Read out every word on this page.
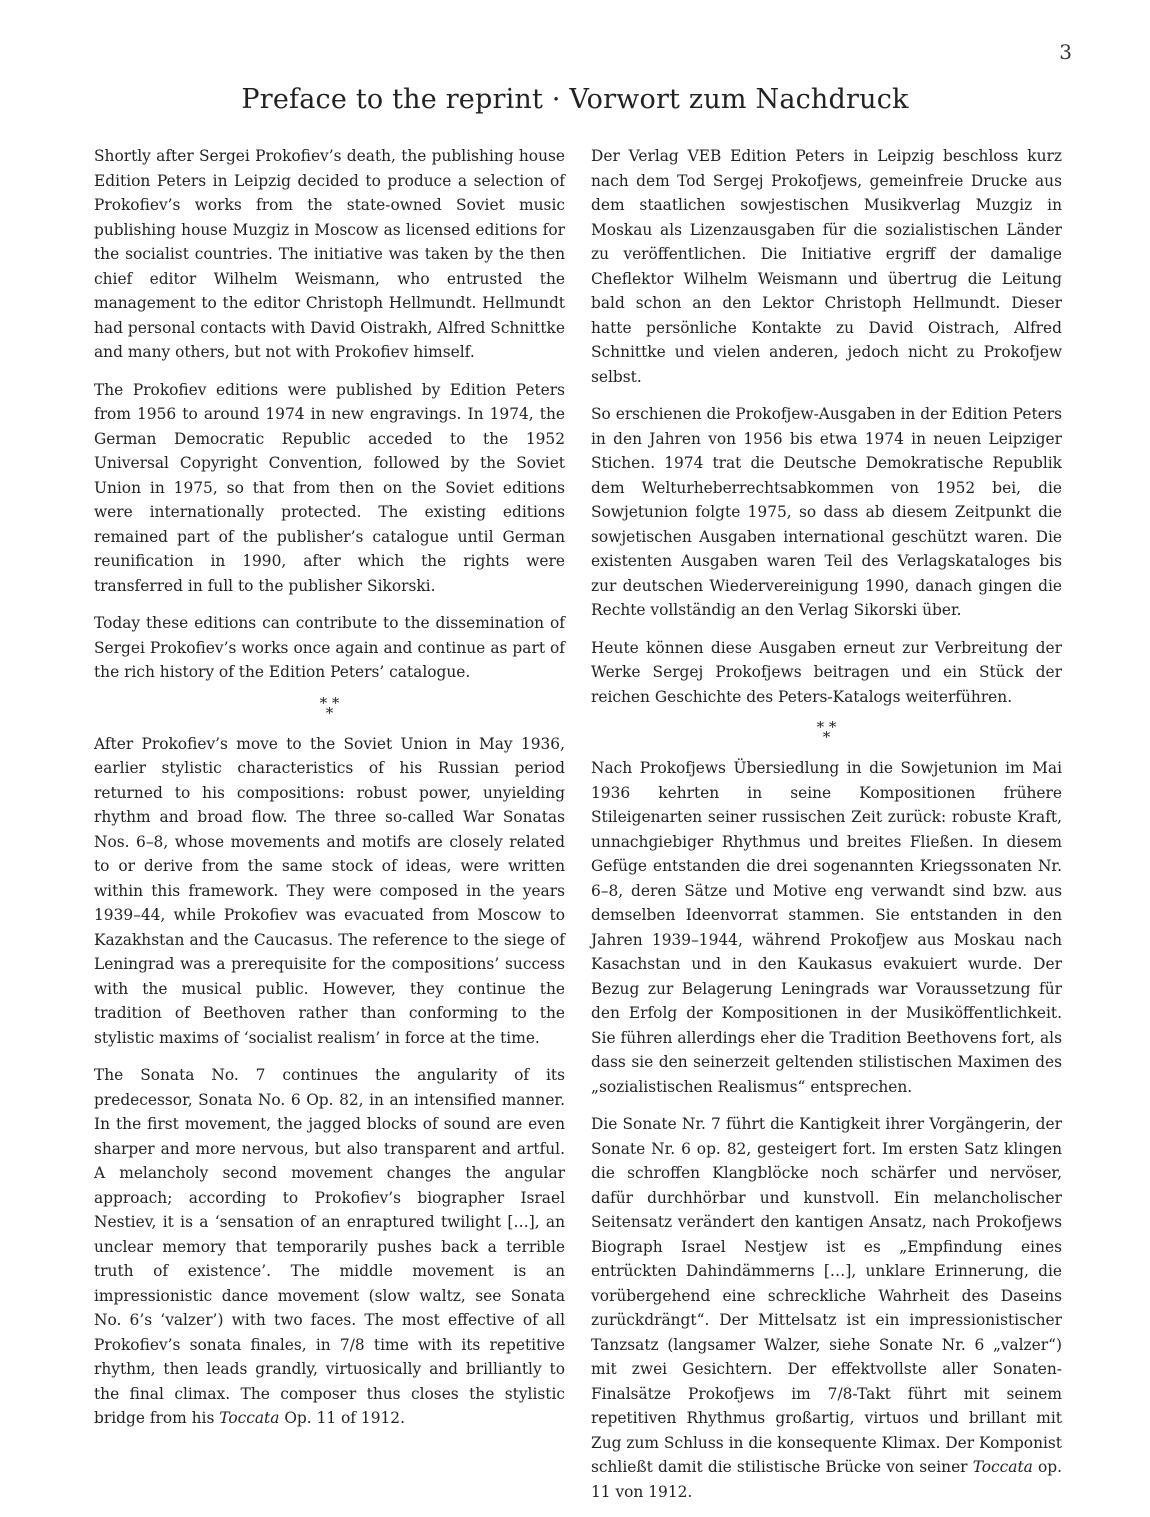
3
Preface to the reprint · Vorwort zum Nachdruck

Shortly after Sergei Prokofiev’s death, the publishing house Edition Peters in Leipzig decided to produce a selection of Prokofiev’s works from the state-owned Soviet music publishing house Muzgiz in Moscow as licensed editions for the socialist countries. The initiative was taken by the then chief editor Wilhelm Weismann, who entrusted the management to the editor Christoph Hellmundt. Hellmundt had personal contacts with David Oistrakh, Alfred Schnittke and many others, but not with Prokofiev himself.

The Prokofiev editions were published by Edition Peters from 1956 to around 1974 in new engravings. In 1974, the German Democratic Republic acceded to the 1952 Universal Copyright Convention, followed by the Soviet Union in 1975, so that from then on the Soviet editions were internationally protected. The existing editions remained part of the publisher’s catalogue until German reunification in 1990, after which the rights were transferred in full to the publisher Sikorski.

Today these editions can contribute to the dissemination of Sergei Prokofiev’s works once again and continue as part of the rich history of the Edition Peters’ catalogue.

* *
*

After Prokofiev’s move to the Soviet Union in May 1936, earlier stylistic characteristics of his Russian period returned to his compositions: robust power, unyielding rhythm and broad flow. The three so-called War Sonatas Nos. 6–8, whose movements and motifs are closely related to or derive from the same stock of ideas, were written within this framework. They were composed in the years 1939–44, while Prokofiev was evacuated from Moscow to Kazakhstan and the Caucasus. The reference to the siege of Leningrad was a prerequisite for the compositions’ success with the musical public. However, they continue the tradition of Beethoven rather than conforming to the stylistic maxims of ‘socialist realism’ in force at the time.

The Sonata No. 7 continues the angularity of its predecessor, Sonata No. 6 Op. 82, in an intensified manner. In the first movement, the jagged blocks of sound are even sharper and more nervous, but also transparent and artful. A melancholy second movement changes the angular approach; according to Prokofiev’s biographer Israel Nestiev, it is a ‘sensation of an enraptured twilight […], an unclear memory that temporarily pushes back a terrible truth of existence’. The middle movement is an impressionistic dance movement (slow waltz, see Sonata No. 6’s ‘valzer’) with two faces. The most effective of all Prokofiev’s sonata finales, in 7/8 time with its repetitive rhythm, then leads grandly, virtuosically and brilliantly to the final climax. The composer thus closes the stylistic bridge from his Toccata Op. 11 of 1912.

Der Verlag VEB Edition Peters in Leipzig beschloss kurz nach dem Tod Sergej Prokofjews, gemeinfreie Drucke aus dem staatlichen sowjestischen Musikverlag Muzgiz in Moskau als Lizenzausgaben für die sozialistischen Länder zu veröffentlichen. Die Initiative ergriff der damalige Cheflektor Wilhelm Weismann und übertrug die Leitung bald schon an den Lektor Christoph Hellmundt. Dieser hatte persönliche Kontakte zu David Oistrach, Alfred Schnittke und vielen anderen, jedoch nicht zu Prokofjew selbst.

So erschienen die Prokofjew-Ausgaben in der Edition Peters in den Jahren von 1956 bis etwa 1974 in neuen Leipziger Stichen. 1974 trat die Deutsche Demokratische Republik dem Welturheberrechtsabkommen von 1952 bei, die Sowjetunion folgte 1975, so dass ab diesem Zeitpunkt die sowjetischen Ausgaben international geschützt waren. Die existenten Ausgaben waren Teil des Verlagskataloges bis zur deutschen Wiedervereinigung 1990, danach gingen die Rechte vollständig an den Verlag Sikorski über.

Heute können diese Ausgaben erneut zur Verbreitung der Werke Sergej Prokofjews beitragen und ein Stück der reichen Geschichte des Peters-Katalogs weiterführen.

* *
*

Nach Prokofjews Übersiedlung in die Sowjetunion im Mai 1936 kehrten in seine Kompositionen frühere Stileigenarten seiner russischen Zeit zurück: robuste Kraft, unnachgiebiger Rhythmus und breites Fließen. In diesem Gefüge entstanden die drei sogenannten Kriegssonaten Nr. 6–8, deren Sätze und Motive eng verwandt sind bzw. aus demselben Ideenvorrat stammen. Sie entstanden in den Jahren 1939–1944, während Prokofjew aus Moskau nach Kasachstan und in den Kaukasus evakuiert wurde. Der Bezug zur Belagerung Leningrads war Voraussetzung für den Erfolg der Kompositionen in der Musiköffentlichkeit. Sie führen allerdings eher die Tradition Beethovens fort, als dass sie den seinerzeit geltenden stilistischen Maximen des „sozialistischen Realismus“ entsprechen.

Die Sonate Nr. 7 führt die Kantigkeit ihrer Vorgängerin, der Sonate Nr. 6 op. 82, gesteigert fort. Im ersten Satz klingen die schroffen Klangblöcke noch schärfer und nervöser, dafür durchhörbar und kunstvoll. Ein melancholischer Seitensatz verändert den kantigen Ansatz, nach Prokofjews Biograph Israel Nestjew ist es „Empfindung eines entrückten Dahindämmerns […], unklare Erinnerung, die vorübergehend eine schreckliche Wahrheit des Daseins zurückdrängt“. Der Mittelsatz ist ein impressionistischer Tanzsatz (langsamer Walzer, siehe Sonate Nr. 6 „valzer“) mit zwei Gesichtern. Der effektvollste aller Sonaten-Finalsätze Prokofjews im 7/8-Takt führt mit seinem repetitiven Rhythmus großartig, virtuos und brillant mit Zug zum Schluss in die konsequente Klimax. Der Komponist schließt damit die stilistische Brücke von seiner Toccata op. 11 von 1912.
